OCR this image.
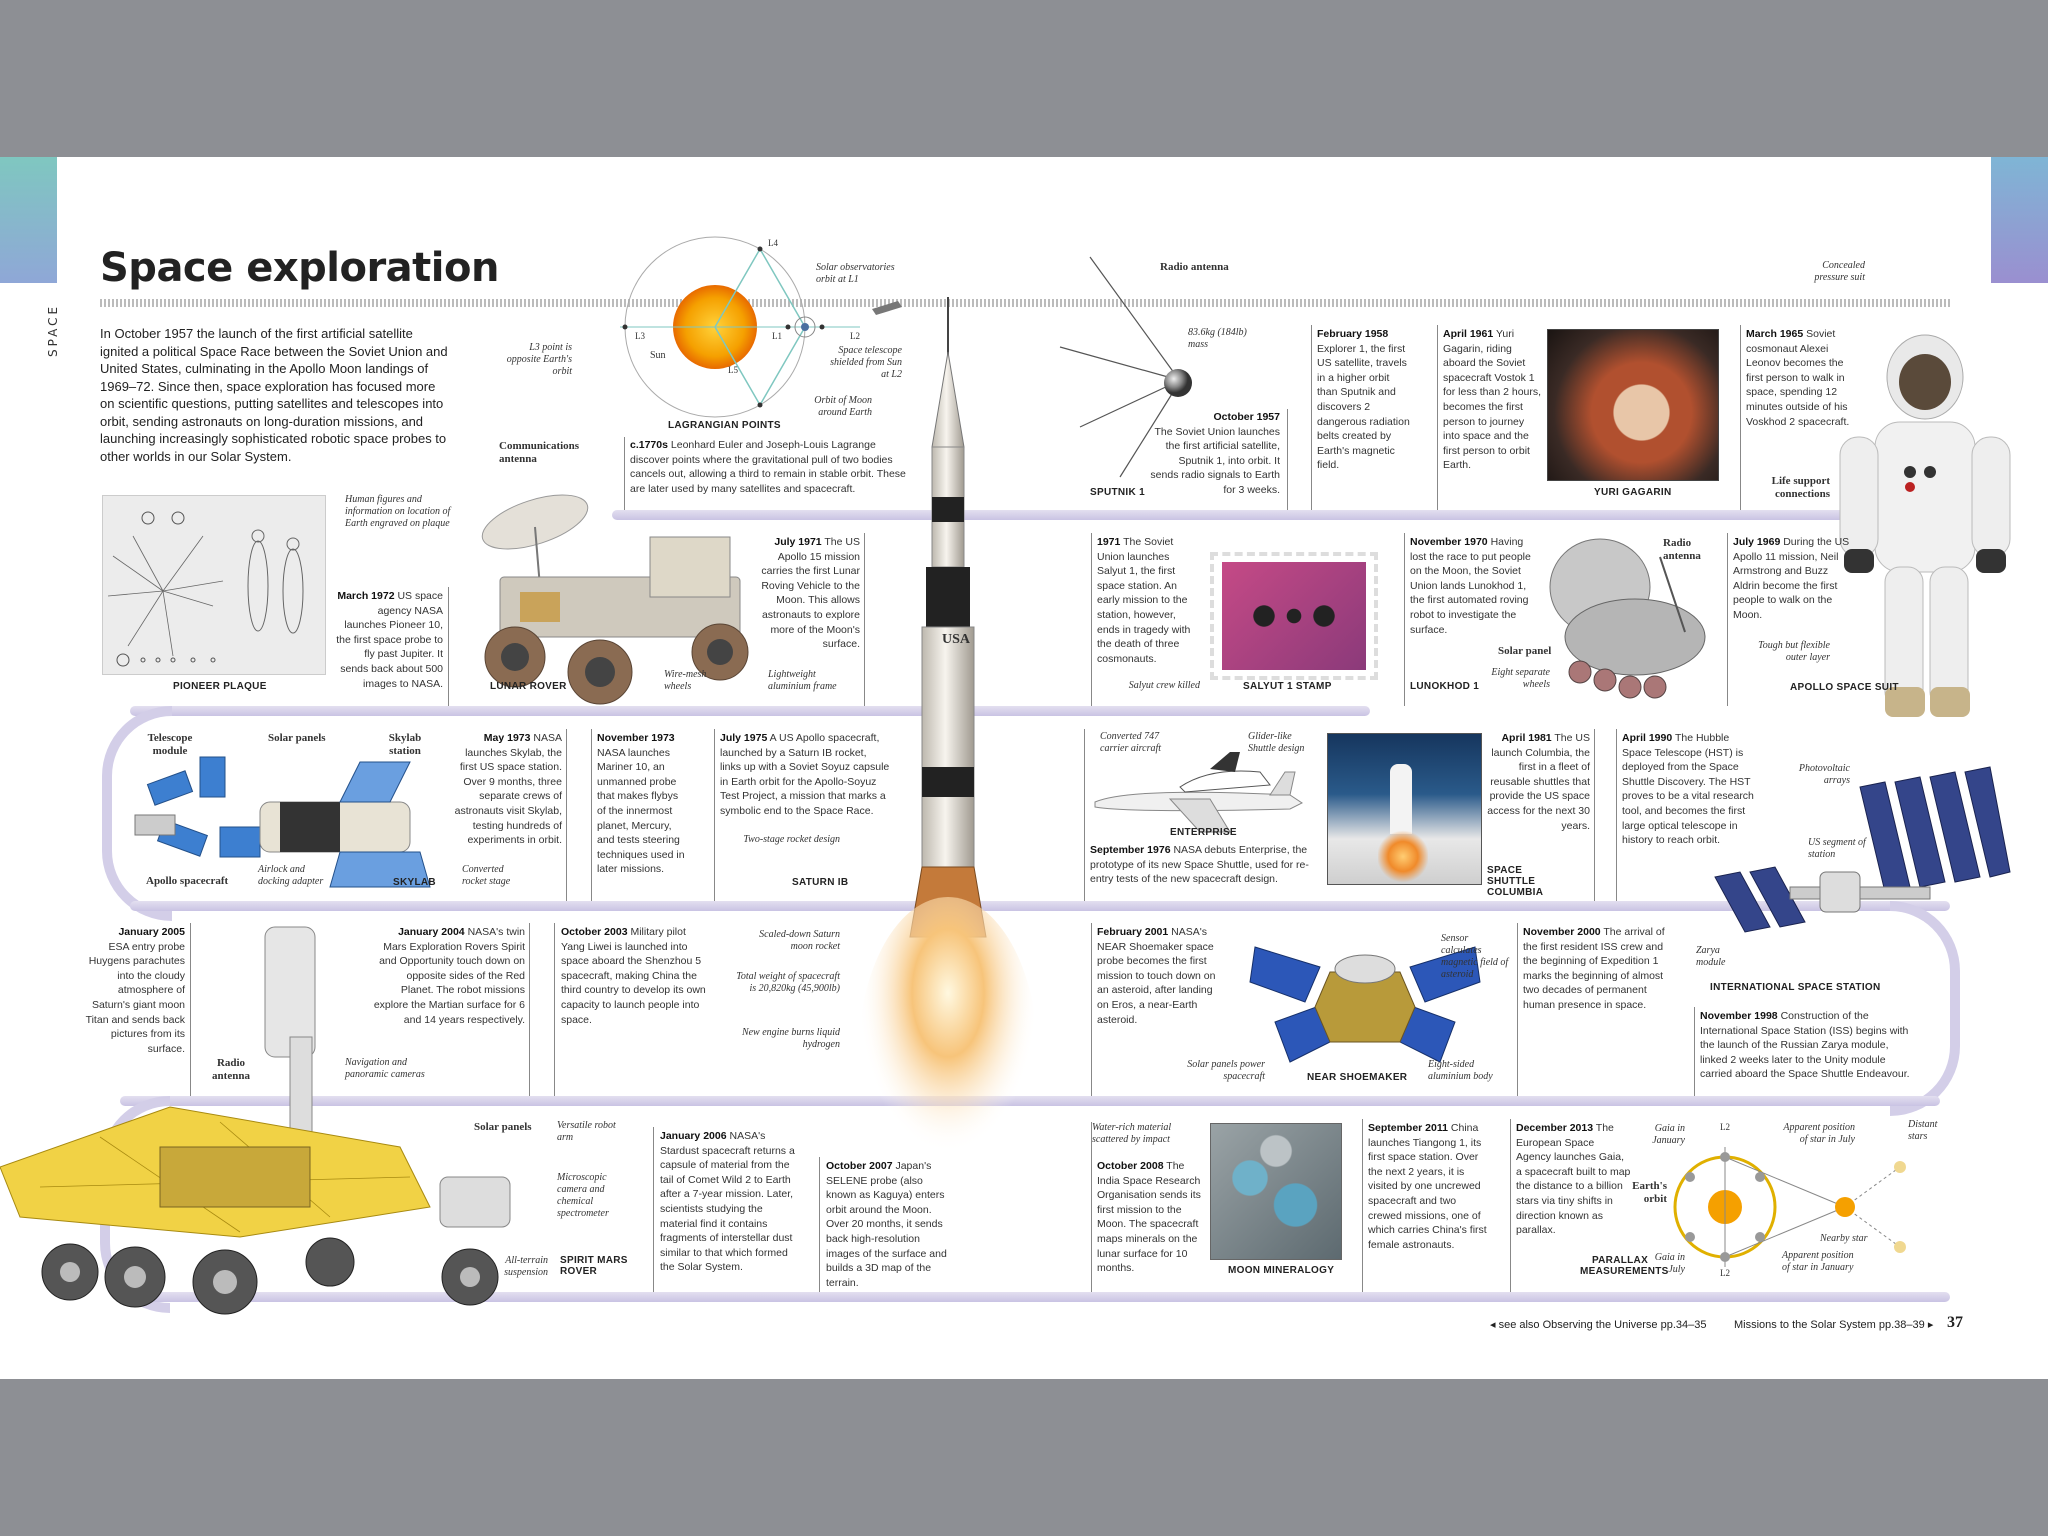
SPACE
Space exploration
In October 1957 the launch of the first artificial satellite ignited a political Space Race between the Soviet Union and United States, culminating in the Apollo Moon landings of 1969–72. Since then, space exploration has focused more on scientific questions, putting satellites and telescopes into orbit, sending astronauts on long-duration missions, and launching increasingly sophisticated robotic space probes to other worlds in our Solar System.
L4
L3	L1	L2
L5
Sun
L3 point is opposite Earth's orbit
Solar observatories orbit at L1
Space telescope shielded from Sun at L2
Orbit of Moon around Earth
LAGRANGIAN POINTS
c.1770s Leonhard Euler and Joseph-Louis Lagrange discover points where the gravitational pull of two bodies cancels out, allowing a third to remain in stable orbit. These are later used by many satellites and spacecraft.
Radio antenna
83.6kg (184lb) mass
SPUTNIK 1
October 1957
The Soviet Union launches the first artificial satellite, Sputnik 1, into orbit. It sends radio signals to Earth for 3 weeks.
February 1958
Explorer 1, the first US satellite, travels in a higher orbit than Sputnik and discovers 2 dangerous radiation belts created by Earth's magnetic field.
April 1961 Yuri Gagarin, riding aboard the Soviet spacecraft Vostok 1 for less than 2 hours, becomes the first person to journey into space and the first person to orbit Earth.
YURI GAGARIN
March 1965 Soviet cosmonaut Alexei Leonov becomes the first person to walk in space, spending 12 minutes outside of his Voskhod 2 spacecraft.
Concealed pressure suit
Life support connections
Tough but flexible outer layer
APOLLO SPACE SUIT
Human figures and information on location of Earth engraved on plaque
PIONEER PLAQUE
March 1972 US space agency NASA launches Pioneer 10, the first space probe to fly past Jupiter. It sends back about 500 images to NASA.
Communications antenna
LUNAR ROVER
Wire-mesh wheels
Lightweight aluminium frame
July 1971 The US Apollo 15 mission carries the first Lunar Roving Vehicle to the Moon. This allows astronauts to explore more of the Moon's surface.	USA
Two-stage rocket design
SATURN IB
Scaled-down Saturn moon rocket
Total weight of spacecraft is 20,820kg (45,900lb)
New engine burns liquid hydrogen
1971 The Soviet Union launches Salyut 1, the first space station. An early mission to the station, however, ends in tragedy with the death of three cosmonauts.
Salyut crew killed	SALYUT 1 STAMP
November 1970 Having lost the race to put people on the Moon, the Soviet Union lands Lunokhod 1, the first automated roving robot to investigate the surface.
Radio antenna
Solar panel
Eight separate wheels
LUNOKHOD 1
July 1969 During the US Apollo 11 mission, Neil Armstrong and Buzz Aldrin become the first people to walk on the Moon.
Telescope module
Solar panels	Skylab station
Airlock and docking adapter
Converted rocket stage
Apollo spacecraft	SKYLAB
May 1973 NASA launches Skylab, the first US space station. Over 9 months, three separate crews of astronauts visit Skylab, testing hundreds of experiments in orbit.
November 1973
NASA launches Mariner 10, an unmanned probe that makes flybys of the innermost planet, Mercury, and tests steering techniques used in later missions.
July 1975 A US Apollo spacecraft, launched by a Saturn IB rocket, links up with a Soviet Soyuz capsule in Earth orbit for the Apollo-Soyuz Test Project, a mission that marks a symbolic end to the Space Race.
Converted 747 carrier aircraft
Glider-like Shuttle design
ENTERPRISE
September 1976 NASA debuts Enterprise, the prototype of its new Space Shuttle, used for re-entry tests of the new spacecraft design.
SPACE SHUTTLE COLUMBIA
April 1981 The US launch Columbia, the first in a fleet of reusable shuttles that provide the US space access for the next 30 years.
April 1990 The Hubble Space Telescope (HST) is deployed from the Space Shuttle Discovery. The HST proves to be a vital research tool, and becomes the first large optical telescope in history to reach orbit.
Photovoltaic arrays
US segment of station
Zarya module
INTERNATIONAL SPACE STATION
November 1998 Construction of the International Space Station (ISS) begins with the launch of the Russian Zarya module, linked 2 weeks later to the Unity module carried aboard the Space Shuttle Endeavour.
January 2005
ESA entry probe Huygens parachutes into the cloudy atmosphere of Saturn's giant moon Titan and sends back pictures from its surface.
Radio antenna
Navigation and panoramic cameras
Solar panels	Versatile robot arm
Microscopic camera and chemical spectrometer
All-terrain suspension
SPIRIT MARS ROVER
January 2004 NASA's twin Mars Exploration Rovers Spirit and Opportunity touch down on opposite sides of the Red Planet. The robot missions explore the Martian surface for 6 and 14 years respectively.
October 2003 Military pilot Yang Liwei is launched into space aboard the Shenzhou 5 spacecraft, making China the third country to develop its own capacity to launch people into space.
February 2001 NASA's NEAR Shoemaker space probe becomes the first mission to touch down on an asteroid, after landing on Eros, a near-Earth asteroid.
Sensor calculates magnetic field of asteroid
Solar panels power spacecraft	NEAR SHOEMAKER
Eight-sided aluminium body
November 2000 The arrival of the first resident ISS crew and the beginning of Expedition 1 marks the beginning of almost two decades of permanent human presence in space.
January 2006 NASA's Stardust spacecraft returns a capsule of material from the tail of Comet Wild 2 to Earth after a 7-year mission. Later, scientists studying the material find it contains fragments of interstellar dust similar to that which formed the Solar System.
October 2007 Japan's SELENE probe (also known as Kaguya) enters orbit around the Moon. Over 20 months, it sends back high-resolution images of the surface and builds a 3D map of the terrain.
Water-rich material scattered by impact
October 2008 The India Space Research Organisation sends its first mission to the Moon. The spacecraft maps minerals on the lunar surface for 10 months.	MOON MINERALOGY
September 2011 China launches Tiangong 1, its first space station. Over the next 2 years, it is visited by one uncrewed spacecraft and two crewed missions, one of which carries China's first female astronauts.
December 2013 The European Space Agency launches Gaia, a spacecraft built to map the distance to a billion stars via tiny shifts in direction known as parallax.
Gaia in January
L2	Apparent position of star in July
Distant stars
Earth's orbit
Nearby star
Gaia in July	L2
Apparent position of star in January
PARALLAX MEASUREMENTS
◂ see also Observing the Universe pp.34–35	Missions to the Solar System pp.38–39 ▸ 37
